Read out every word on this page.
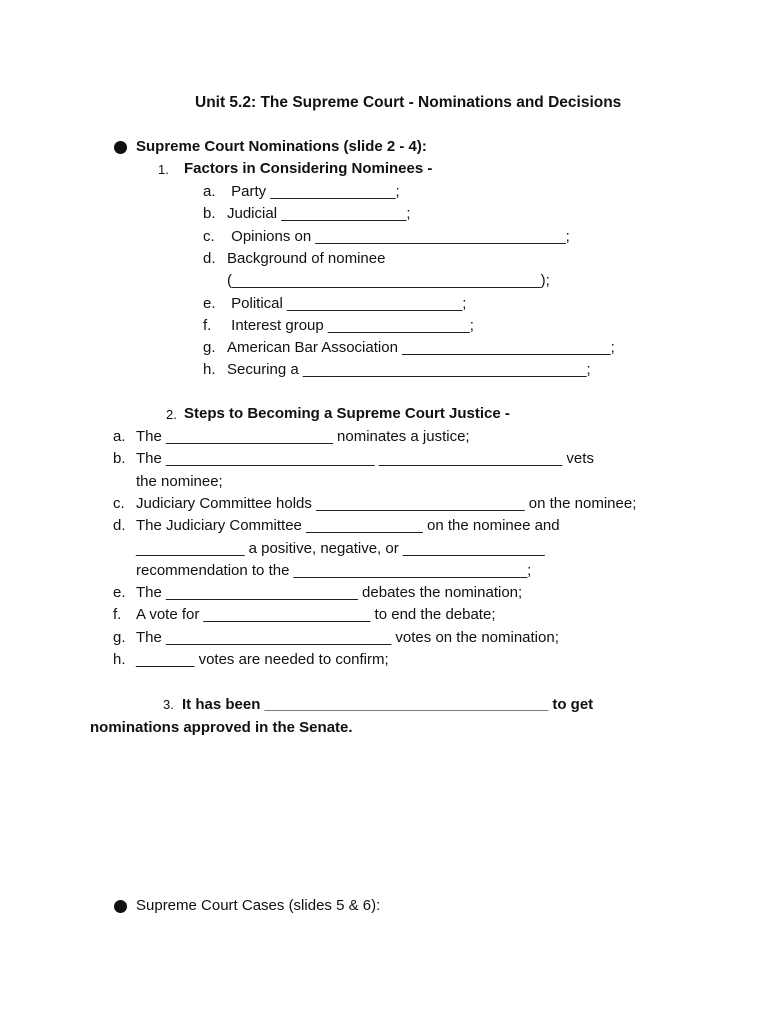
Unit 5.2: The Supreme Court - Nominations and Decisions
Supreme Court Nominations (slide 2 - 4):
1. Factors in Considering Nominees -
a. Party _______________;
b. Judicial _______________;
c. Opinions on ______________________________;
d. Background of nominee
(_____________________________________);
e. Political _____________________;
f. Interest group _________________;
g. American Bar Association _________________________;
h. Securing a __________________________________;
2. Steps to Becoming a Supreme Court Justice -
a. The ____________________ nominates a justice;
b. The _________________________ ______________________ vets
the nominee;
c. Judiciary Committee holds _________________________ on the nominee;
d. The Judiciary Committee ______________ on the nominee and
_____________ a positive, negative, or _________________
recommendation to the ____________________________;
e. The _______________________ debates the nomination;
f. A vote for ____________________ to end the debate;
g. The ___________________________ votes on the nomination;
h. _______ votes are needed to confirm;
3. It has been __________________________________ to get
nominations approved in the Senate.
Supreme Court Cases (slides 5 & 6):
